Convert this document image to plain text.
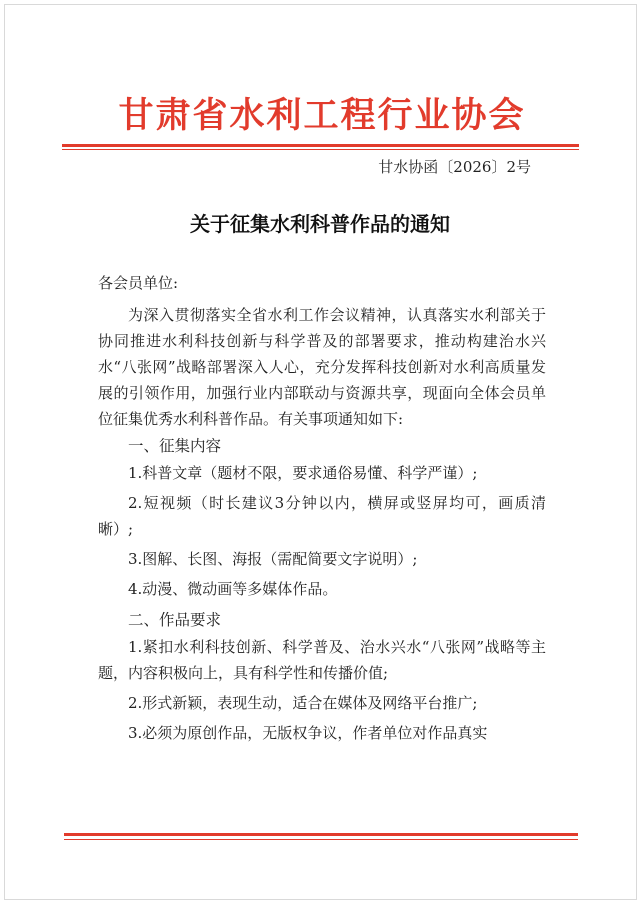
甘肃省水利工程行业协会
甘水协函〔2026〕2号
关于征集水利科普作品的通知

各会员单位:

为深入贯彻落实全省水利工作会议精神，认真落实水利部关于协同推进水利科技创新与科学普及的部署要求，推动构建治水兴水“八张网”战略部署深入人心，充分发挥科技创新对水利高质量发展的引领作用，加强行业内部联动与资源共享，现面向全体会员单位征集优秀水利科普作品。有关事项通知如下:

一、征集内容

1.科普文章（题材不限，要求通俗易懂、科学严谨）;

2.短视频（时长建议3分钟以内，横屏或竖屏均可，画质清晰）;

3.图解、长图、海报（需配简要文字说明）;

4.动漫、微动画等多媒体作品。

二、作品要求

1.紧扣水利科技创新、科学普及、治水兴水“八张网”战略等主题，内容积极向上，具有科学性和传播价值;

2.形式新颖，表现生动，适合在媒体及网络平台推广;

3.必须为原创作品，无版权争议，作者单位对作品真实
